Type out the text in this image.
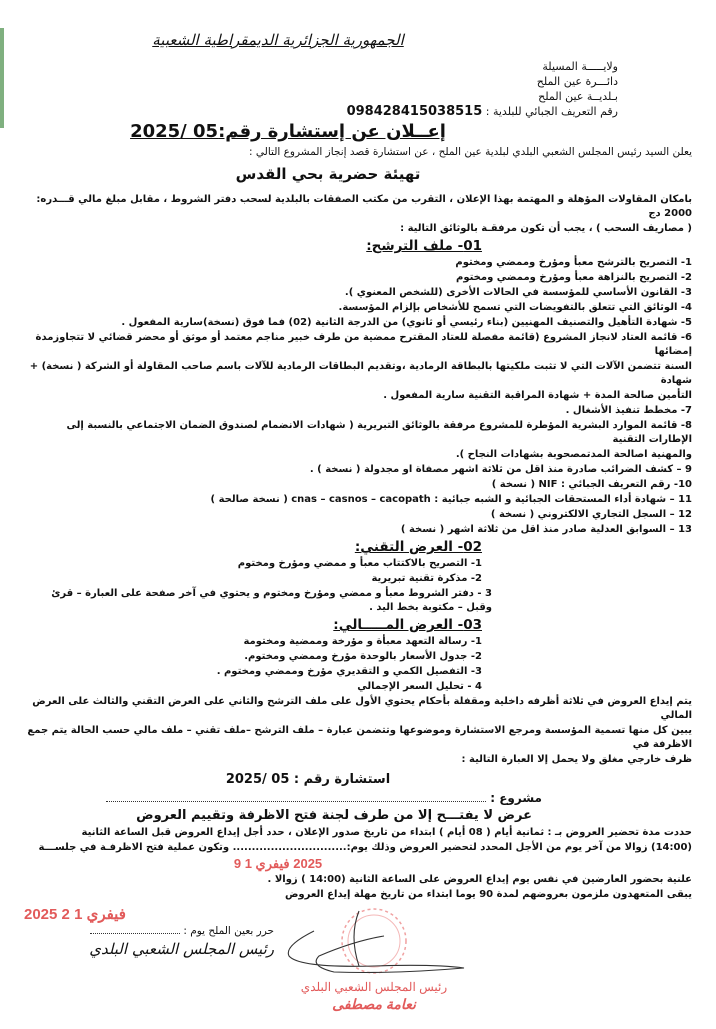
الجمهورية الجزائرية الديمقراطية الشعبية
ولايـــــة المسيلة
دائـــرة عين الملح
بـلديــة عين الملح
رقم التعريف الجبائي للبلدية : 098428415038515
إعــلان عن إستشارة رقم:05 /2025
يعلن السيد رئيس المجلس الشعبي البلدي لبلدية عين الملح ، عن استشارة قصد إنجاز المشروع التالي :
تهيئة حضرية بحي القدس
بامكان المقاولات المؤهلة و المهتمة بهذا الإعلان ، التقرب من مكتب الصفقات بالبلدية لسحب دفتر الشروط ، مقابل مبلغ مالي قـــدره: 2000 دج
( مصاريف السحب ) ، يجب أن تكون مرفقـة بالوثائق التالية :
01- ملف الترشح:
1- التصريح بالترشح معبأ ومؤرخ وممضي ومختوم
2- التصريح بالنزاهة معبأ ومؤرخ وممضي ومختوم
3- القانون الأساسي للمؤسسة في الحالات الأخرى (للشخص المعنوي ).
4- الوثائق التي تتعلق بالتفويضات التي تسمح للأشخاص بإلزام المؤسسة.
5- شهادة التأهيل والتصنيف المهنيين (بناء رئيسي أو ثانوي) من الدرجة الثانية (02) فما فوق (نسخة)سارية المفعول .
6- قائمة العتاد لانجاز المشروع (قائمة مفصلة للعتاد المقترح ممضية من طرف خبير مناجم معتمد أو موثق أو محضر قضائي لا تتجاوزمدة إمضائها
السنة تتضمن الآلات التي لا تثبت ملكيتها بالبطاقة الرمادية ،وتقديم البطاقات الرمادية للآلات باسم صاحب المقاولة أو الشركة ( نسخة) + شهادة
التأمين صالحة المدة + شهادة المراقبة التقنية سارية المفعول .
7- مخطط تنفيذ الأشغال .
8- قائمة الموارد البشرية المؤطرة للمشروع مرفقة بالوثائق التبريرية ( شهادات الانضمام لصندوق الضمان الاجتماعي بالنسبة إلى الإطارات التقنية
والمهنية اصالحة المدتمصحوبة بشهادات النجاح ).
9 – كشف الضرائب صادرة منذ اقل من ثلاثة اشهر مصفاة او مجدولة ( نسخة ) .
10- رقم التعريف الجبائي : NIF ( نسخة )
11 – شهادة أداء المستحقات الجبائية و الشبه جبائية : cnas – casnos – cacopath ( نسخة صالحة )
12 – السجل التجاري الالكتروني ( نسخة )
13 – السوابق العدلية صادر منذ اقل من ثلاثة اشهر ( نسخة )
02- العرض التقني:
1- التصريح بالاكتتاب معبأ و ممضي ومؤرخ ومختوم
2- مذكرة تقنية تبريرية
3 - دفتر الشروط معبأ و ممضي ومؤرخ ومختوم و يحتوي في آخر صفحة على العبارة – قرئ وقبل – مكتوبة بخط اليد .
03- العرض المـــــالي:
1- رسالة التعهد معبأة و مؤرخة وممضية ومختومة
2- جدول الأسعار بالوحدة مؤرخ وممضي ومختوم.
3- التفصيل الكمي و التقديري مؤرخ وممضي ومختوم .
4 - تحليل السعر الإجمالي
يتم إيداع العروض في ثلاثة أظرفه داخلية ومقفلة بأحكام يحتوي الأول على ملف الترشح والثاني على العرض التقني والثالث على العرض المالي
يبين كل منها تسمية المؤسسة ومرجع الاستشارة وموضوعها وتتضمن عبارة – ملف الترشح –ملف تقني – ملف مالي حسب الحالة يتم جمع الاظرفة في
ظرف خارجي مغلق ولا يحمل إلا العبارة التالية :
استشارة رقم : 05 /2025
مشروع :
عرض لا يفتـــح إلا من طرف لجنة فتح الاظرفة وتقييم العروض
حددت مدة تحضير العروض بـ : ثمانية أيام ( 08 أيام ) ابتداء من تاريخ صدور الإعلان ، حدد أجل إيداع العروض قبل الساعة الثانية
(14:00) زوالا من آخر يوم من الأجل المحدد لتحضير العروض وذلك يوم:.............................. وتكون عملية فتح الاظرفـة في جلســـة
2025 فيفري 1 9
علنية بحضور العارضين في نفس يوم إيداع العروض على الساعة الثانية (14:00 ) زوالا .
يبقى المتعهدون ملزمون بعروضهم لمدة 90 يوما ابتداء من تاريخ مهلة إيداع العروض
2025 فيفري 1 2
حرر بعين الملح يوم :
رئيس المجلس الشعبي البلدي
رئيس المجلس الشعبي البلدي
نعامة مصطفى
